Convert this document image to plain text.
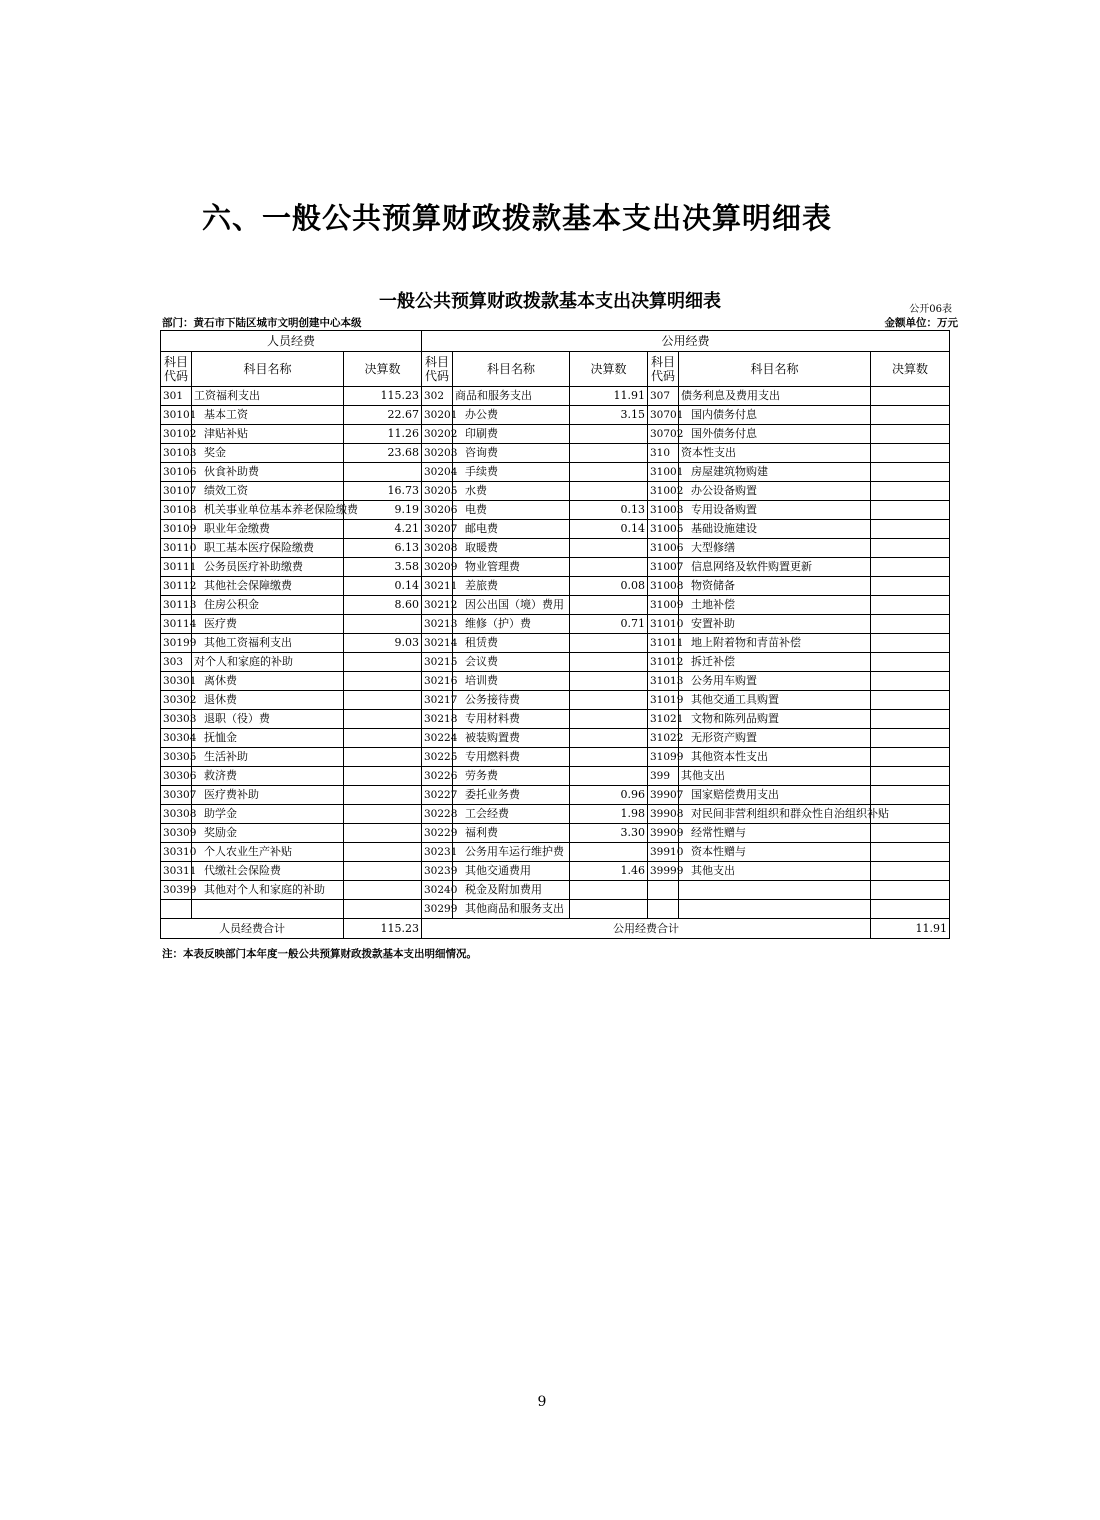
六、一般公共预算财政拨款基本支出决算明细表
一般公共预算财政拨款基本支出决算明细表	公开06表
部门：黄石市下陆区城市文明创建中心本级	金额单位：万元
人员经费			公用经费					
科目
代码	科目名称	决算数	科目
代码	科目名称	决算数	科目
代码	科目名称	决算数
301	工资福利支出	115.23	302	商品和服务支出	11.91	307	债务利息及费用支出	
30101	基本工资	22.67	30201	办公费	3.15	30701	国内债务付息	
30102	津贴补贴	11.26	30202	印刷费		30702	国外债务付息	
30103	奖金	23.68	30203	咨询费		310	资本性支出	
30106	伙食补助费		30204	手续费		31001	房屋建筑物购建	
30107	绩效工资	16.73	30205	水费		31002	办公设备购置	
30108	机关事业单位基本养老保险缴费	9.19	30206	电费	0.13	31003	专用设备购置	
30109	职业年金缴费	4.21	30207	邮电费	0.14	31005	基础设施建设	
30110	职工基本医疗保险缴费	6.13	30208	取暖费		31006	大型修缮	
30111	公务员医疗补助缴费	3.58	30209	物业管理费		31007	信息网络及软件购置更新	
30112	其他社会保障缴费	0.14	30211	差旅费	0.08	31008	物资储备	
30113	住房公积金	8.60	30212	因公出国（境）费用		31009	土地补偿	
30114	医疗费		30213	维修（护）费	0.71	31010	安置补助	
30199	其他工资福利支出	9.03	30214	租赁费		31011	地上附着物和青苗补偿	
303	对个人和家庭的补助		30215	会议费		31012	拆迁补偿	
30301	离休费		30216	培训费		31013	公务用车购置	
30302	退休费		30217	公务接待费		31019	其他交通工具购置	
30303	退职（役）费		30218	专用材料费		31021	文物和陈列品购置	
30304	抚恤金		30224	被装购置费		31022	无形资产购置	
30305	生活补助		30225	专用燃料费		31099	其他资本性支出	
30306	救济费		30226	劳务费		399	其他支出	
30307	医疗费补助		30227	委托业务费	0.96	39907	国家赔偿费用支出	
30308	助学金		30228	工会经费	1.98	39908	对民间非营利组织和群众性自治组织补贴	
30309	奖励金		30229	福利费	3.30	39909	经常性赠与	
30310	个人农业生产补贴		30231	公务用车运行维护费		39910	资本性赠与	
30311	代缴社会保险费		30239	其他交通费用	1.46	39999	其他支出	
30399	其他对个人和家庭的补助		30240	税金及附加费用				
			30299	其他商品和服务支出				
人员经费合计		115.23	公用经费合计					11.91
注：本表反映部门本年度一般公共预算财政拨款基本支出明细情况。
9
